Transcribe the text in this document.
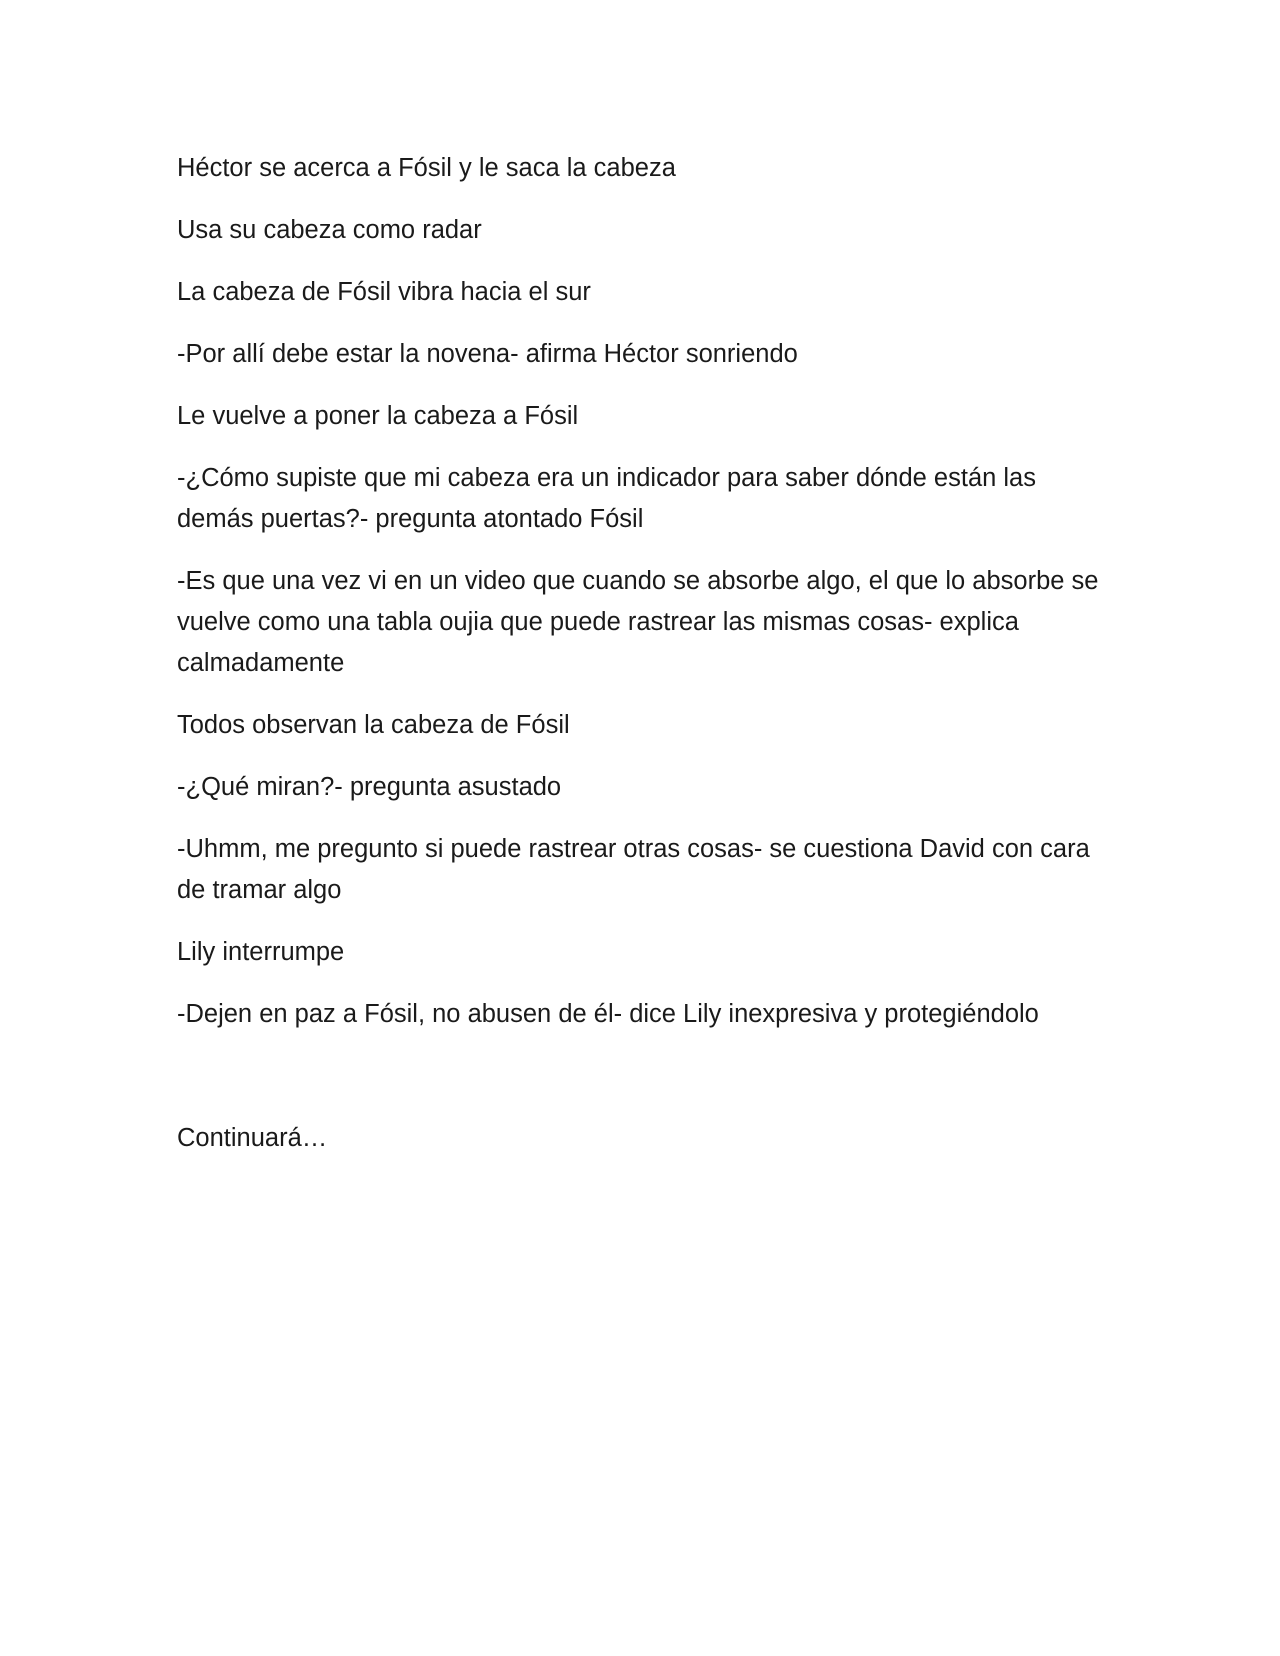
Héctor se acerca a Fósil y le saca la cabeza

Usa su cabeza como radar

La cabeza de Fósil vibra hacia el sur

-Por allí debe estar la novena- afirma Héctor sonriendo

Le vuelve a poner la cabeza a Fósil

-¿Cómo supiste que mi cabeza era un indicador para saber dónde están las demás puertas?- pregunta atontado Fósil

-Es que una vez vi en un video que cuando se absorbe algo, el que lo absorbe se vuelve como una tabla oujia que puede rastrear las mismas cosas- explica calmadamente

Todos observan la cabeza de Fósil

-¿Qué miran?- pregunta asustado

-Uhmm, me pregunto si puede rastrear otras cosas- se cuestiona David con cara de tramar algo

Lily interrumpe

-Dejen en paz a Fósil, no abusen de él- dice Lily inexpresiva y protegiéndolo

Continuará…
